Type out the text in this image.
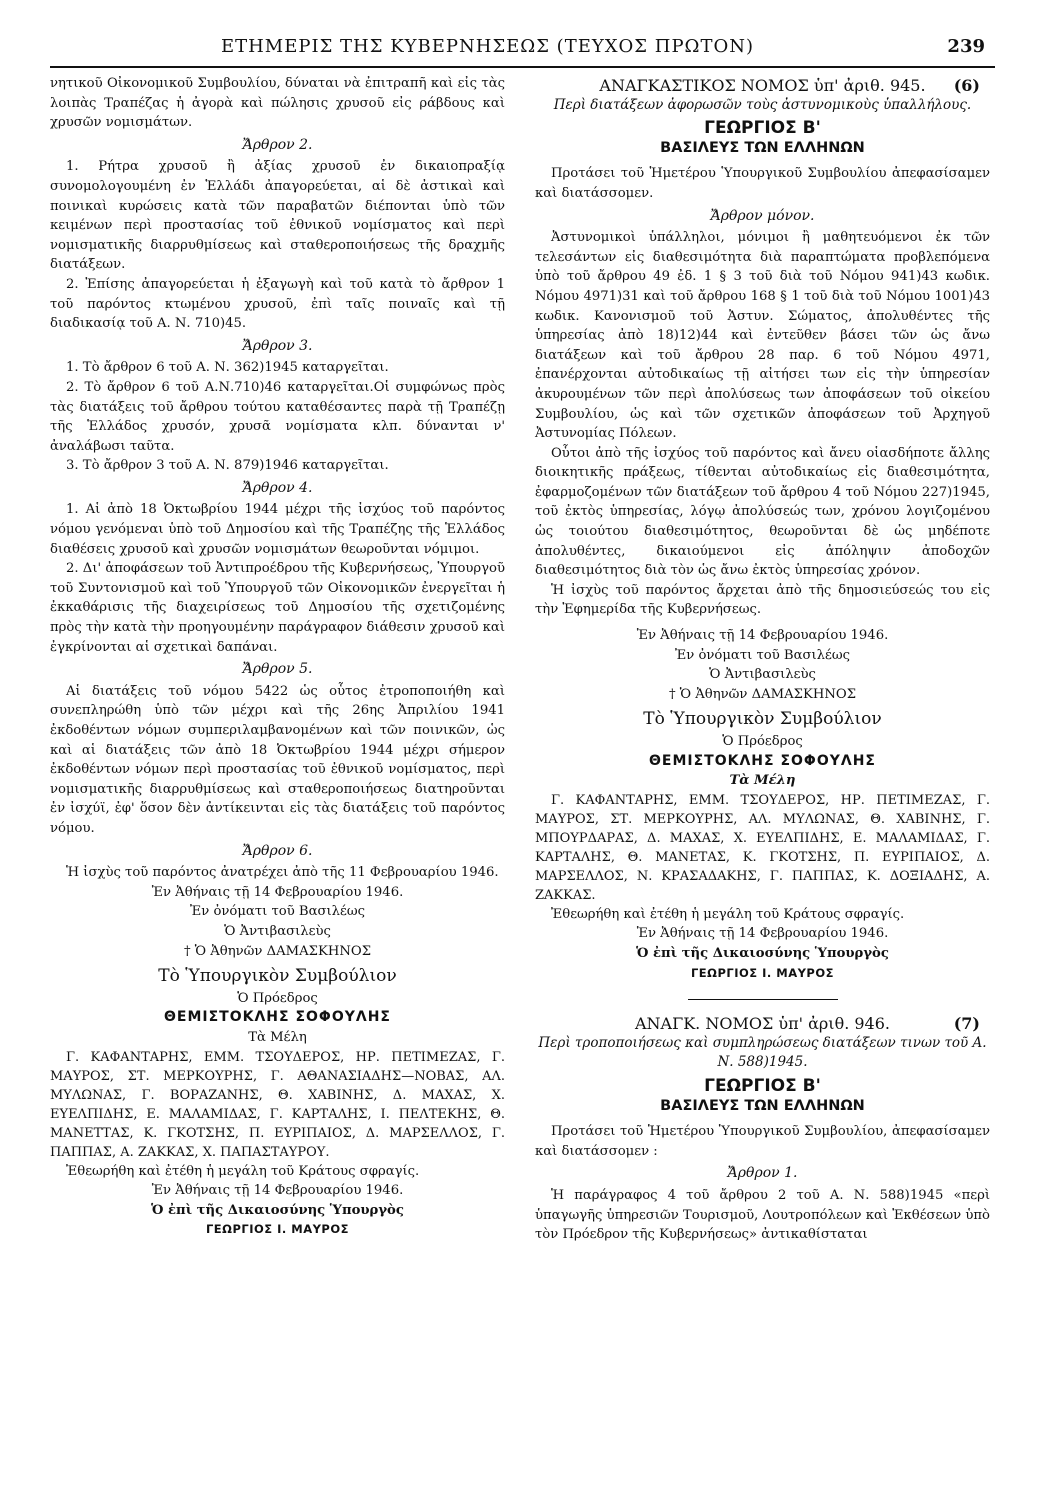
ΕΤΗΜΕΡΙΣ ΤΗΣ ΚΥΒΕΡΝΗΣΕΩΣ (ΤΕΥΧΟΣ ΠΡΩΤΟΝ)	239

νητικοῦ Οἰκονομικοῦ Συμβουλίου, δύναται νὰ ἐπιτραπῆ καὶ εἰς τὰς λοιπὰς Τραπέζας ἡ ἀγορὰ καὶ πώλησις χρυσοῦ εἰς ράβδους καὶ χρυσῶν νομισμάτων.

Ἄρθρον 2.

1. Ρήτρα χρυσοῦ ἢ ἀξίας χρυσοῦ ἐν δικαιοπραξίᾳ συνομολογουμένη ἐν Ἑλλάδι ἀπαγορεύεται, αἱ δὲ ἀστικαὶ καὶ ποινικαὶ κυρώσεις κατὰ τῶν παραβατῶν διέπονται ὑπὸ τῶν κειμένων περὶ προστασίας τοῦ ἐθνικοῦ νομίσματος καὶ περὶ νομισματικῆς διαρρυθμίσεως καὶ σταθεροποιήσεως τῆς δραχμῆς διατάξεων.

2. Ἐπίσης ἀπαγορεύεται ἡ ἐξαγωγὴ καὶ τοῦ κατὰ τὸ ἄρθρον 1 τοῦ παρόντος κτωμένου χρυσοῦ, ἐπὶ ταῖς ποιναῖς καὶ τῇ διαδικασίᾳ τοῦ Α. Ν. 710)45.

Ἄρθρον 3.

1. Τὸ ἄρθρον 6 τοῦ Α. Ν. 362)1945 καταργεῖται.

2. Τὸ ἄρθρον 6 τοῦ Α.Ν.710)46 καταργεῖται.Οἱ συμφώνως πρὸς τὰς διατάξεις τοῦ ἄρθρου τούτου καταθέσαντες παρὰ τῇ Τραπέζῃ τῆς Ἑλλάδος χρυσόν, χρυσᾶ νομίσματα κλπ. δύνανται ν' ἀναλάβωσι ταῦτα.

3. Τὸ ἄρθρον 3 τοῦ Α. Ν. 879)1946 καταργεῖται.

Ἄρθρον 4.

1. Αἱ ἀπὸ 18 Ὀκτωβρίου 1944 μέχρι τῆς ἰσχύος τοῦ παρόντος νόμου γενόμεναι ὑπὸ τοῦ Δημοσίου καὶ τῆς Τραπέζης τῆς Ἑλλάδος διαθέσεις χρυσοῦ καὶ χρυσῶν νομισμάτων θεωροῦνται νόμιμοι.

2. Δι' ἀποφάσεων τοῦ Ἀντιπροέδρου τῆς Κυβερνήσεως, Ὑπουργοῦ τοῦ Συντονισμοῦ καὶ τοῦ Ὑπουργοῦ τῶν Οἰκονομικῶν ἐνεργεῖται ἡ ἐκκαθάρισις τῆς διαχειρίσεως τοῦ Δημοσίου τῆς σχετιζομένης πρὸς τὴν κατὰ τὴν προηγουμένην παράγραφον διάθεσιν χρυσοῦ καὶ ἐγκρίνονται αἱ σχετικαὶ δαπάναι.

Ἄρθρον 5.

Αἱ διατάξεις τοῦ νόμου 5422 ὡς οὗτος ἐτροποποιήθη καὶ συνεπληρώθη ὑπὸ τῶν μέχρι καὶ τῆς 26ης Ἀπριλίου 1941 ἐκδοθέντων νόμων συμπεριλαμβανομένων καὶ τῶν ποινικῶν, ὡς καὶ αἱ διατάξεις τῶν ἀπὸ 18 Ὀκτωβρίου 1944 μέχρι σήμερον ἐκδοθέντων νόμων περὶ προστασίας τοῦ ἐθνικοῦ νομίσματος, περὶ νομισματικῆς διαρρυθμίσεως καὶ σταθεροποιήσεως διατηροῦνται ἐν ἰσχύϊ, ἐφ' ὅσον δὲν ἀντίκεινται εἰς τὰς διατάξεις τοῦ παρόντος νόμου.

Ἄρθρον 6.

Ἡ ἰσχὺς τοῦ παρόντος ἀνατρέχει ἀπὸ τῆς 11 Φεβρουαρίου 1946.

Ἐν Ἀθήναις τῇ 14 Φεβρουαρίου 1946.

Ἐν ὀνόματι τοῦ Βασιλέως

Ὁ Ἀντιβασιλεὺς

† Ὁ Ἀθηνῶν ΔΑΜΑΣΚΗΝΟΣ

Τὸ Ὑπουργικὸν Συμβούλιον

Ὁ Πρόεδρος

ΘΕΜΙΣΤΟΚΛΗΣ ΣΟΦΟΥΛΗΣ

Τὰ Μέλη

Γ. ΚΑΦΑΝΤΑΡΗΣ, ΕΜΜ. ΤΣΟΥΔΕΡΟΣ, ΗΡ. ΠΕΤΙΜΕΖΑΣ, Γ. ΜΑΥΡΟΣ, ΣΤ. ΜΕΡΚΟΥΡΗΣ, Γ. ΑΘΑΝΑΣΙΑΔΗΣ—ΝΟΒΑΣ, ΑΛ. ΜΥΛΩΝΑΣ, Γ. ΒΟΡΑΖΑΝΗΣ, Θ. ΧΑΒΙΝΗΣ, Δ. ΜΑΧΑΣ, Χ. ΕΥΕΛΠΙΔΗΣ, Ε. ΜΑΛΑΜΙΔΑΣ, Γ. ΚΑΡΤΑΛΗΣ, Ι. ΠΕΛΤΕΚΗΣ, Θ. ΜΑΝΕΤΤΑΣ, Κ. ΓΚΟΤΣΗΣ, Π. ΕΥΡΙΠΑΙΟΣ, Δ. ΜΑΡΣΕΛΛΟΣ, Γ. ΠΑΠΠΑΣ, Α. ΖΑΚΚΑΣ, Χ. ΠΑΠΑΣΤΑΥΡΟΥ.

Ἐθεωρήθη καὶ ἐτέθη ἡ μεγάλη τοῦ Κράτους σφραγίς.

Ἐν Ἀθήναις τῇ 14 Φεβρουαρίου 1946.

Ὁ ἐπὶ τῆς Δικαιοσύνης Ὑπουργὸς

ΓΕΩΡΓΙΟΣ Ι. ΜΑΥΡΟΣ
(6)
ΑΝΑΓΚΑΣΤΙΚΟΣ ΝΟΜΟΣ ὑπ' ἀριθ. 945.
Περὶ διατάξεων ἀφορωσῶν τοὺς ἀστυνομικοὺς ὑπαλλήλους.
ΓΕΩΡΓΙΟΣ Β'
ΒΑΣΙΛΕΥΣ ΤΩΝ ΕΛΛΗΝΩΝ

Προτάσει τοῦ Ἡμετέρου Ὑπουργικοῦ Συμβουλίου ἀπεφασίσαμεν καὶ διατάσσομεν.

Ἄρθρον μόνον.

Ἀστυνομικοὶ ὑπάλληλοι, μόνιμοι ἢ μαθητευόμενοι ἐκ τῶν τελεσάντων εἰς διαθεσιμότητα διὰ παραπτώματα προβλεπόμενα ὑπὸ τοῦ ἄρθρου 49 ἐδ. 1 § 3 τοῦ διὰ τοῦ Νόμου 941)43 κωδικ. Νόμου 4971)31 καὶ τοῦ ἄρθρου 168 § 1 τοῦ διὰ τοῦ Νόμου 1001)43 κωδικ. Κανονισμοῦ τοῦ Ἀστυν. Σώματος, ἀπολυθέντες τῆς ὑπηρεσίας ἀπὸ 18)12)44 καὶ ἐντεῦθεν βάσει τῶν ὡς ἄνω διατάξεων καὶ τοῦ ἄρθρου 28 παρ. 6 τοῦ Νόμου 4971, ἐπανέρχονται αὐτοδικαίως τῇ αἰτήσει των εἰς τὴν ὑπηρεσίαν ἀκυρουμένων τῶν περὶ ἀπολύσεως των ἀποφάσεων τοῦ οἰκείου Συμβουλίου, ὡς καὶ τῶν σχετικῶν ἀποφάσεων τοῦ Ἀρχηγοῦ Ἀστυνομίας Πόλεων.

Οὗτοι ἀπὸ τῆς ἰσχύος τοῦ παρόντος καὶ ἄνευ οἱασδήποτε ἄλλης διοικητικῆς πράξεως, τίθενται αὐτοδικαίως εἰς διαθεσιμότητα, ἐφαρμοζομένων τῶν διατάξεων τοῦ ἄρθρου 4 τοῦ Νόμου 227)1945, τοῦ ἐκτὸς ὑπηρεσίας, λόγῳ ἀπολύσεώς των, χρόνου λογιζομένου ὡς τοιούτου διαθεσιμότητος, θεωροῦνται δὲ ὡς μηδέποτε ἀπολυθέντες, δικαιούμενοι εἰς ἀπόληψιν ἀποδοχῶν διαθεσιμότητος διὰ τὸν ὡς ἄνω ἐκτὸς ὑπηρεσίας χρόνον.

Ἡ ἰσχὺς τοῦ παρόντος ἄρχεται ἀπὸ τῆς δημοσιεύσεώς του εἰς τὴν Ἐφημερίδα τῆς Κυβερνήσεως.

Ἐν Ἀθήναις τῇ 14 Φεβρουαρίου 1946.

Ἐν ὀνόματι τοῦ Βασιλέως

Ὁ Ἀντιβασιλεὺς

† Ὁ Ἀθηνῶν ΔΑΜΑΣΚΗΝΟΣ

Τὸ Ὑπουργικὸν Συμβούλιον

Ὁ Πρόεδρος

ΘΕΜΙΣΤΟΚΛΗΣ ΣΟΦΟΥΛΗΣ

Τὰ Μέλη

Γ. ΚΑΦΑΝΤΑΡΗΣ, ΕΜΜ. ΤΣΟΥΔΕΡΟΣ, ΗΡ. ΠΕΤΙΜΕΖΑΣ, Γ. ΜΑΥΡΟΣ, ΣΤ. ΜΕΡΚΟΥΡΗΣ, ΑΛ. ΜΥΛΩΝΑΣ, Θ. ΧΑΒΙΝΗΣ, Γ. ΜΠΟΥΡΔΑΡΑΣ, Δ. ΜΑΧΑΣ, Χ. ΕΥΕΛΠΙΔΗΣ, Ε. ΜΑΛΑΜΙΔΑΣ, Γ. ΚΑΡΤΑΛΗΣ, Θ. ΜΑΝΕΤΑΣ, Κ. ΓΚΟΤΣΗΣ, Π. ΕΥΡΙΠΑΙΟΣ, Δ. ΜΑΡΣΕΛΛΟΣ, Ν. ΚΡΑΣΑΔΑΚΗΣ, Γ. ΠΑΠΠΑΣ, Κ. ΔΟΞΙΑΔΗΣ, Α. ΖΑΚΚΑΣ.

Ἐθεωρήθη καὶ ἐτέθη ἡ μεγάλη τοῦ Κράτους σφραγίς.

Ἐν Ἀθήναις τῇ 14 Φεβρουαρίου 1946.

Ὁ ἐπὶ τῆς Δικαιοσύνης Ὑπουργὸς

ΓΕΩΡΓΙΟΣ Ι. ΜΑΥΡΟΣ
(7)
ΑΝΑΓΚ. ΝΟΜΟΣ ὑπ' ἀριθ. 946.
Περὶ τροποποιήσεως καὶ συμπληρώσεως διατάξεων τινων τοῦ Α. Ν. 588)1945.
ΓΕΩΡΓΙΟΣ Β'
ΒΑΣΙΛΕΥΣ ΤΩΝ ΕΛΛΗΝΩΝ

Προτάσει τοῦ Ἡμετέρου Ὑπουργικοῦ Συμβουλίου, ἀπεφασίσαμεν καὶ διατάσσομεν :

Ἄρθρον 1.

Ἡ παράγραφος 4 τοῦ ἄρθρου 2 τοῦ Α. Ν. 588)1945 «περὶ ὑπαγωγῆς ὑπηρεσιῶν Τουρισμοῦ, Λουτροπόλεων καὶ Ἐκθέσεων ὑπὸ τὸν Πρόεδρον τῆς Κυβερνήσεως» ἀντικαθίσταται
